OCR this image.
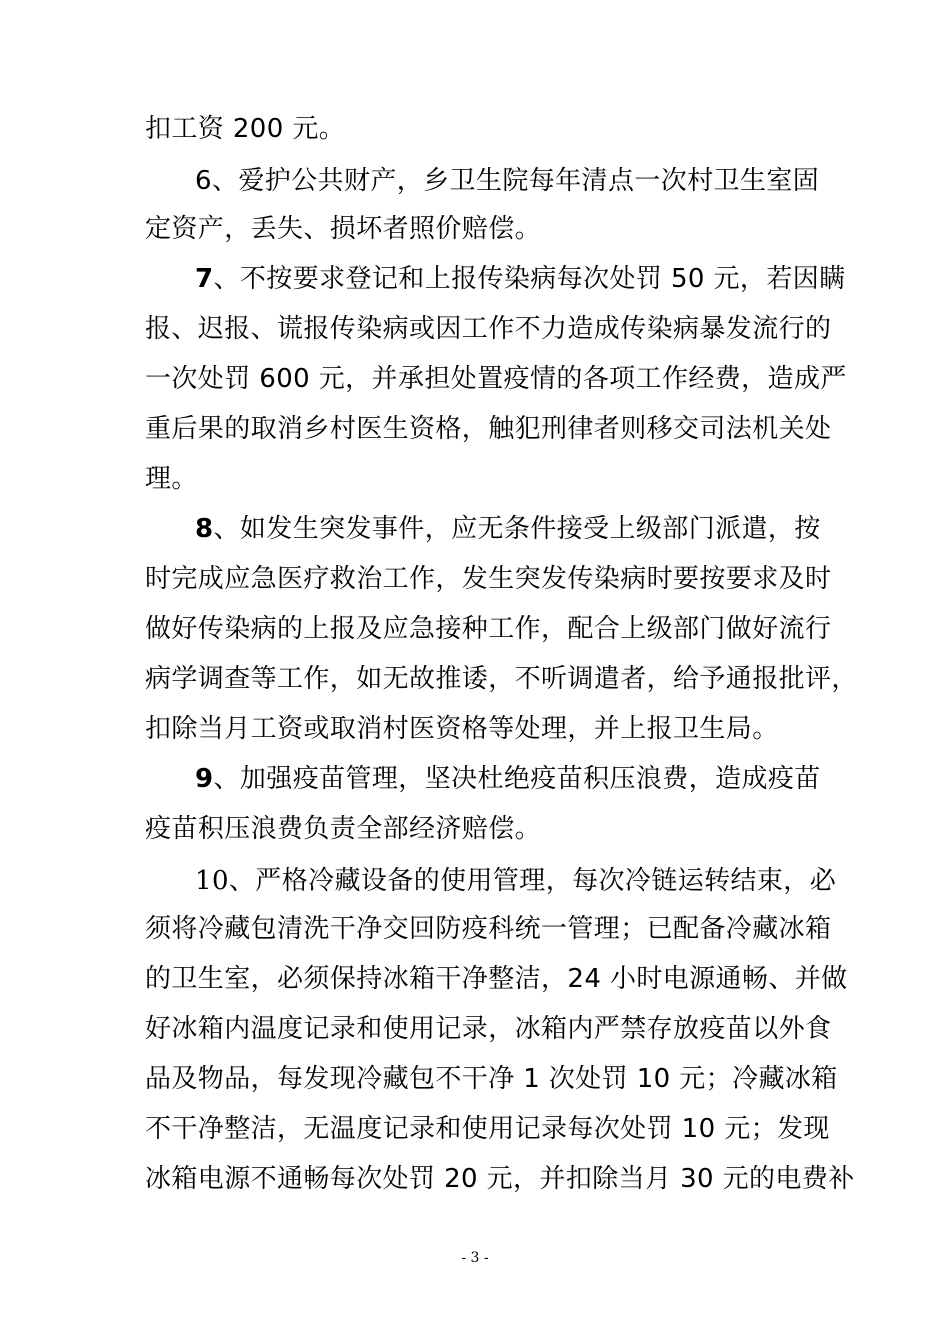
扣工资 200 元。
6、爱护公共财产，乡卫生院每年清点一次村卫生室固
定资产，丢失、损坏者照价赔偿。
7、不按要求登记和上报传染病每次处罚 50 元，若因瞒
报、迟报、谎报传染病或因工作不力造成传染病暴发流行的
一次处罚 600 元，并承担处置疫情的各项工作经费，造成严
重后果的取消乡村医生资格，触犯刑律者则移交司法机关处
理。
8、如发生突发事件，应无条件接受上级部门派遣，按
时完成应急医疗救治工作，发生突发传染病时要按要求及时
做好传染病的上报及应急接种工作，配合上级部门做好流行
病学调查等工作，如无故推诿，不听调遣者，给予通报批评，
扣除当月工资或取消村医资格等处理，并上报卫生局。
9、加强疫苗管理，坚决杜绝疫苗积压浪费，造成疫苗
疫苗积压浪费负责全部经济赔偿。
10、严格冷藏设备的使用管理，每次冷链运转结束，必
须将冷藏包清洗干净交回防疫科统一管理；已配备冷藏冰箱
的卫生室，必须保持冰箱干净整洁，24 小时电源通畅、并做
好冰箱内温度记录和使用记录，冰箱内严禁存放疫苗以外食
品及物品，每发现冷藏包不干净 1 次处罚 10 元；冷藏冰箱
不干净整洁，无温度记录和使用记录每次处罚 10 元；发现
冰箱电源不通畅每次处罚 20 元，并扣除当月 30 元的电费补
- 3 -
